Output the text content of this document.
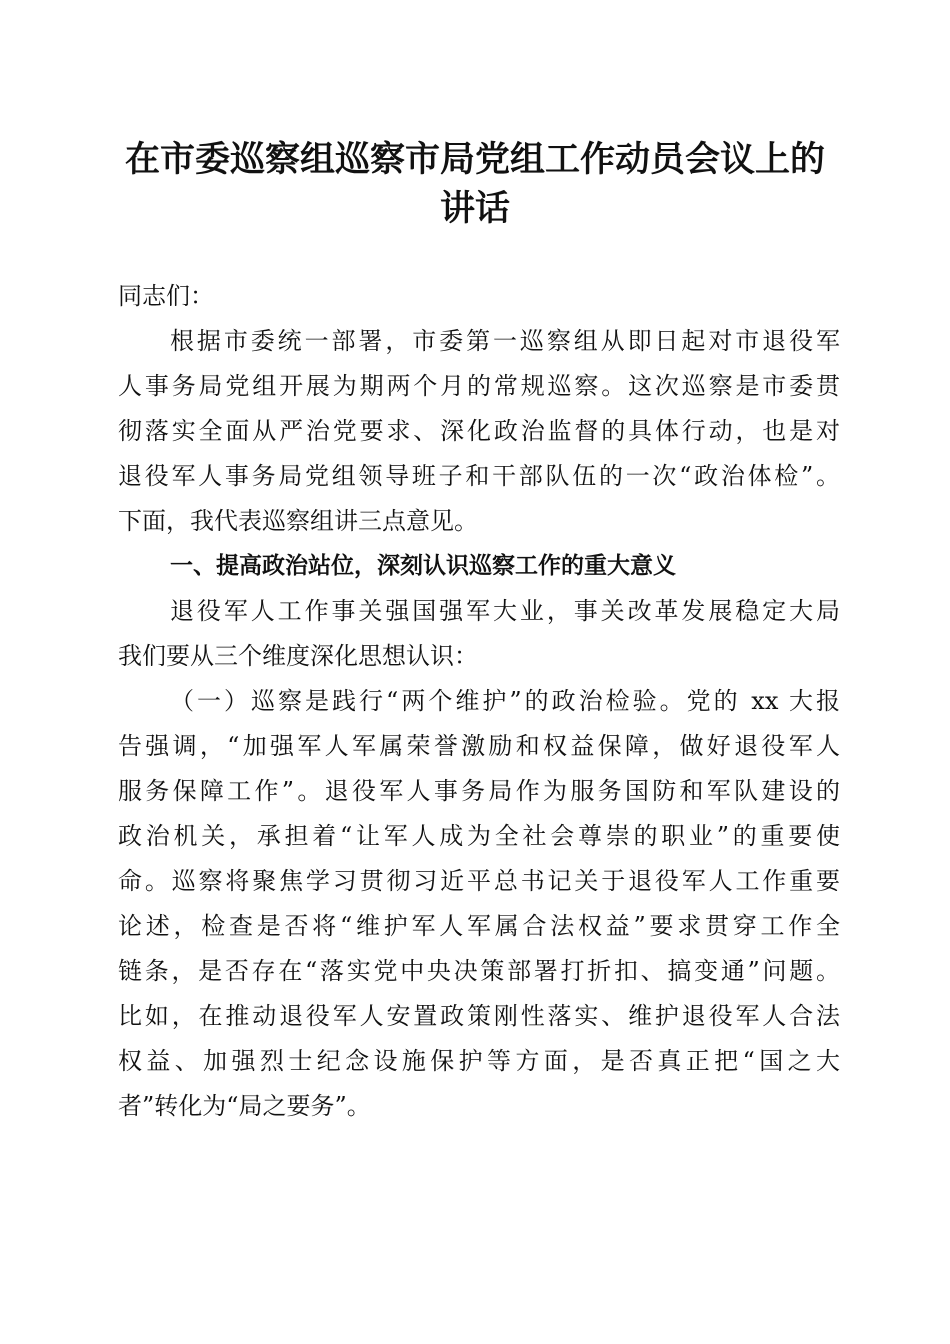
在市委巡察组巡察市局党组工作动员会议上的
讲话
同志们：
根据市委统一部署，市委第一巡察组从即日起对市退役军
人事务局党组开展为期两个月的常规巡察。这次巡察是市委贯
彻落实全面从严治党要求、深化政治监督的具体行动，也是对
退役军人事务局党组领导班子和干部队伍的一次“政治体检”。
下面，我代表巡察组讲三点意见。
一、提高政治站位，深刻认识巡察工作的重大意义
退役军人工作事关强国强军大业，事关改革发展稳定大局
我们要从三个维度深化思想认识：
（一）巡察是践行“两个维护”的政治检验。党的 xx 大报
告强调，“加强军人军属荣誉激励和权益保障，做好退役军人
服务保障工作”。退役军人事务局作为服务国防和军队建设的
政治机关，承担着“让军人成为全社会尊崇的职业”的重要使
命。巡察将聚焦学习贯彻习近平总书记关于退役军人工作重要
论述，检查是否将“维护军人军属合法权益”要求贯穿工作全
链条，是否存在“落实党中央决策部署打折扣、搞变通”问题。
比如，在推动退役军人安置政策刚性落实、维护退役军人合法
权益、加强烈士纪念设施保护等方面，是否真正把“国之大
者”转化为“局之要务”。
